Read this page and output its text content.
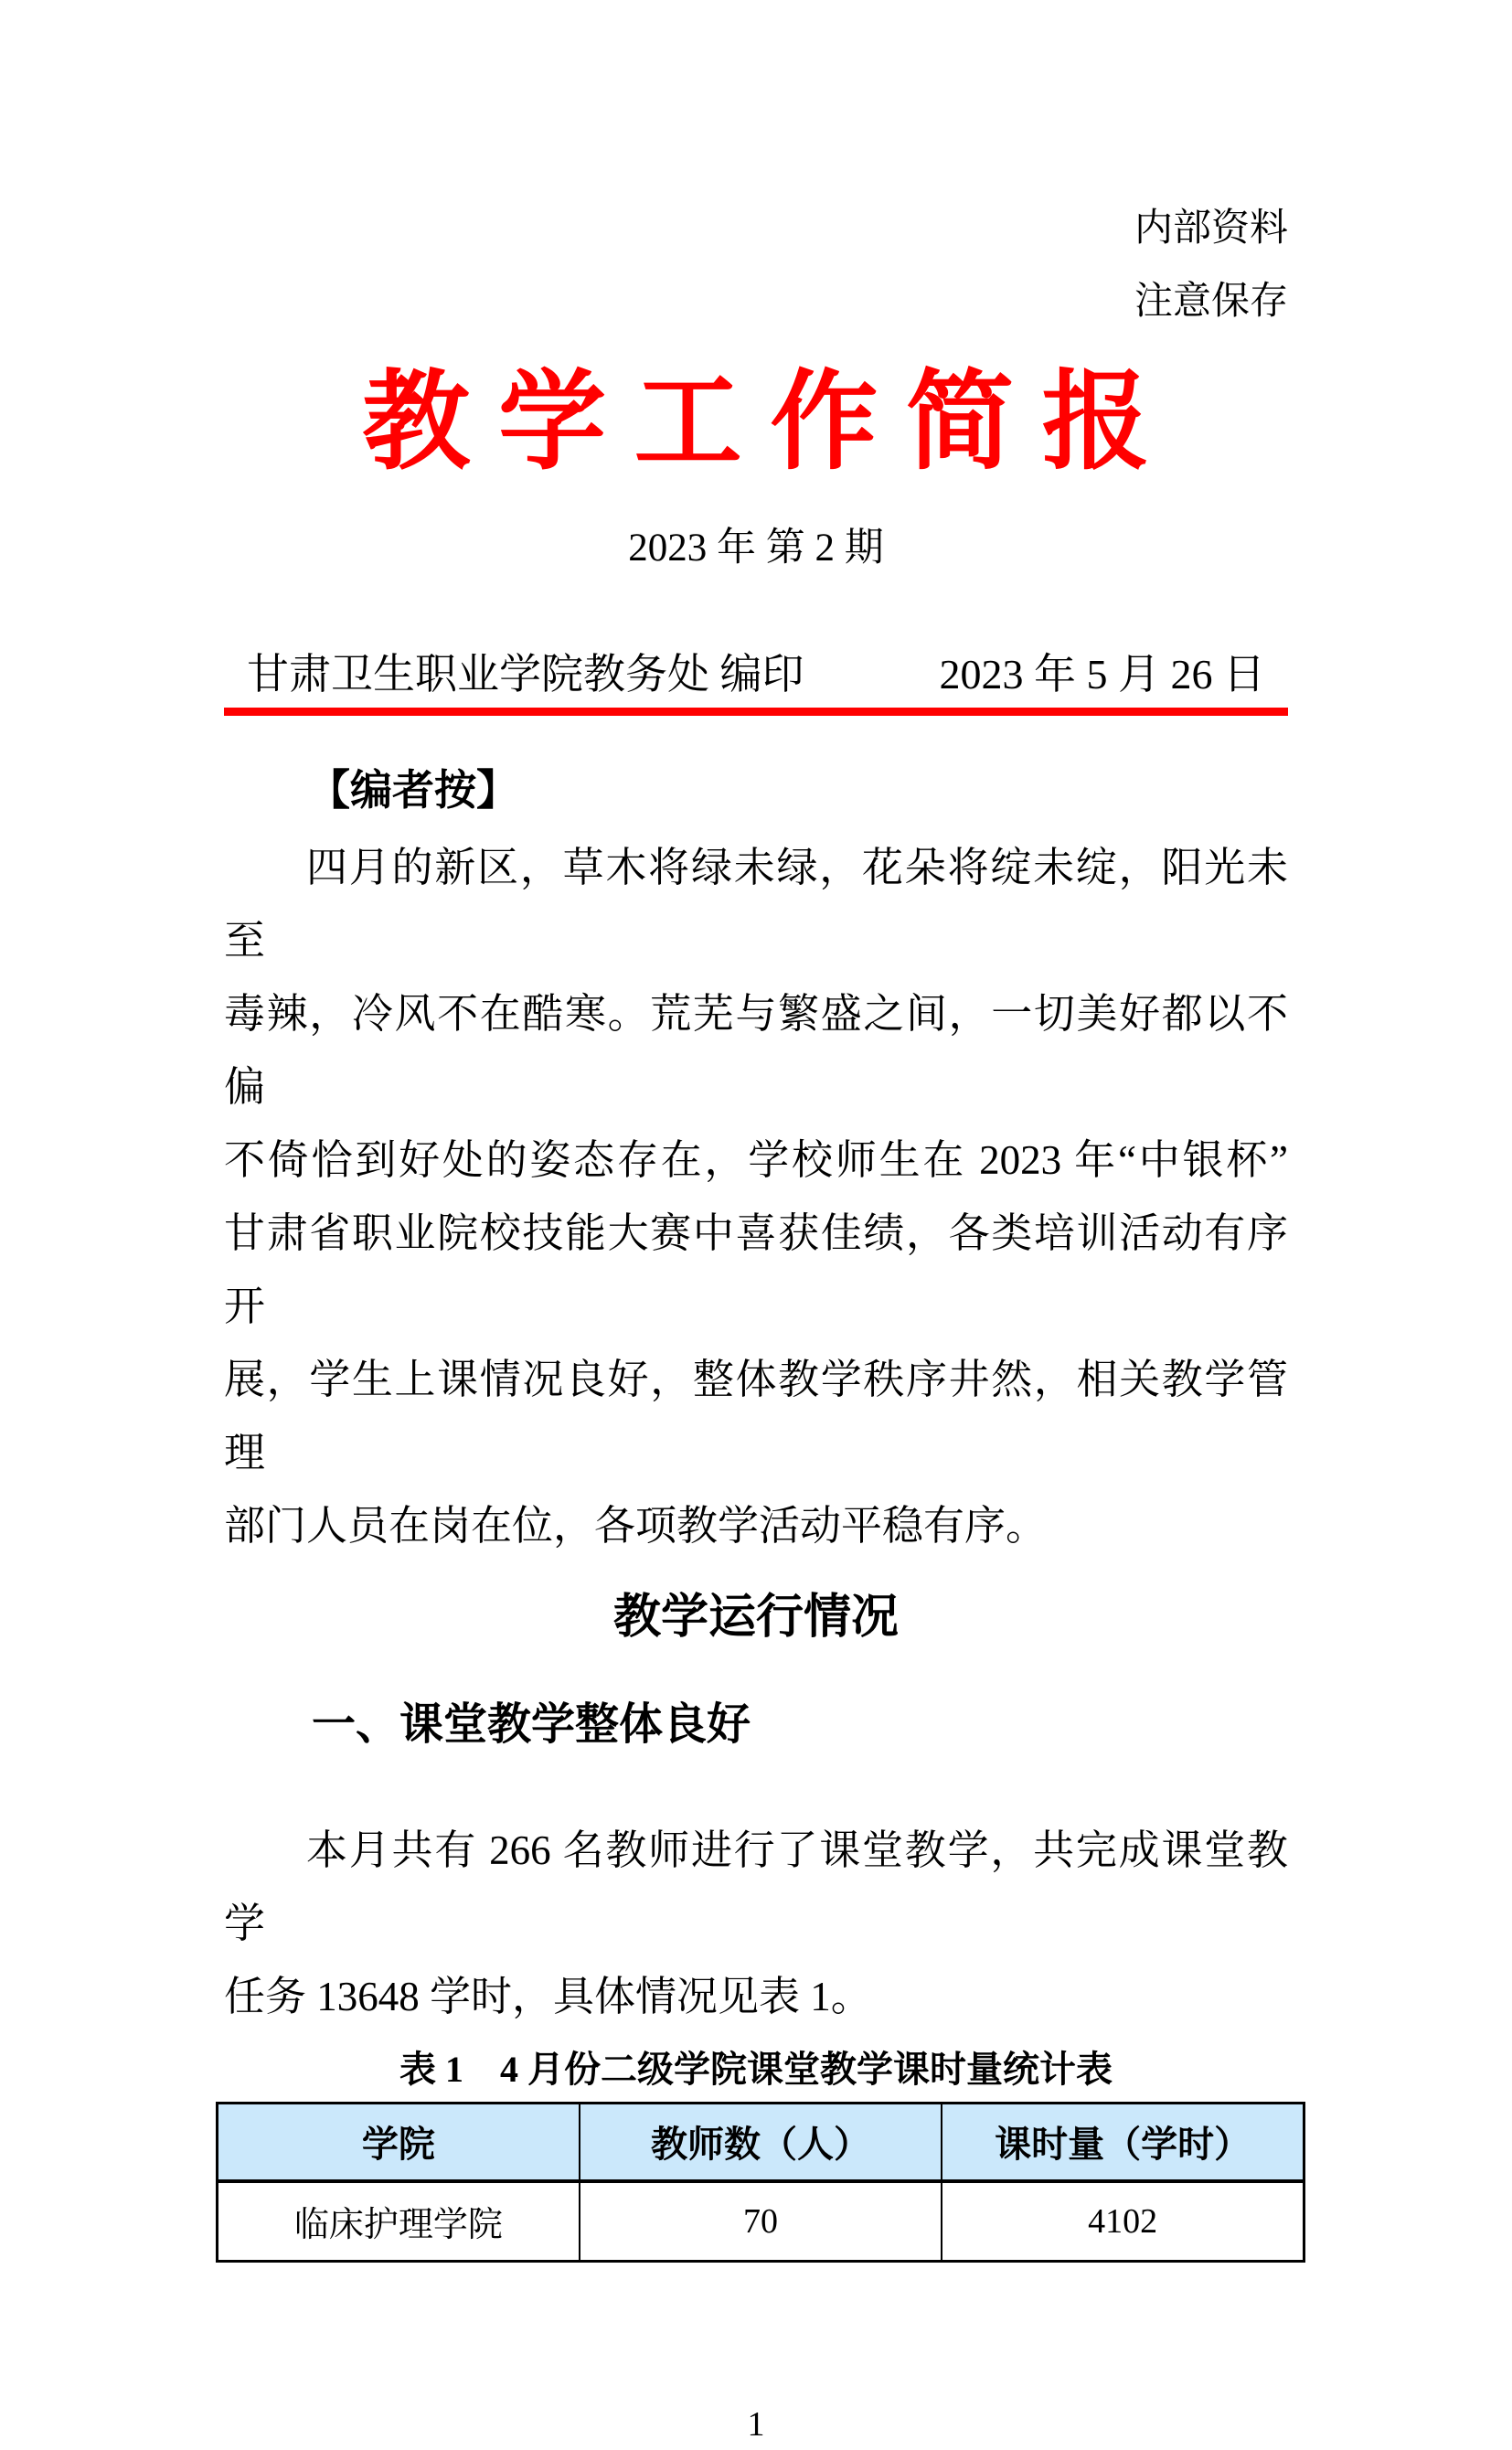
内部资料
注意保存
教学工作简报
2023 年 第 2 期
甘肃卫生职业学院教务处 编印	2023 年 5 月 26 日
【编者按】
四月的新区，草木将绿未绿，花朵将绽未绽，阳光未至
毒辣，冷风不在酷寒。荒芜与繁盛之间，一切美好都以不偏
不倚恰到好处的姿态存在，学校师生在 2023 年“中银杯”
甘肃省职业院校技能大赛中喜获佳绩，各类培训活动有序开
展，学生上课情况良好，整体教学秩序井然，相关教学管理
部门人员在岗在位，各项教学活动平稳有序。
教学运行情况
一、课堂教学整体良好
本月共有 266 名教师进行了课堂教学，共完成课堂教学
任务 13648 学时，具体情况见表 1。
表 1　4 月份二级学院课堂教学课时量统计表
学院	教师数（人）	课时量（学时）
临床护理学院	70	4102
1
